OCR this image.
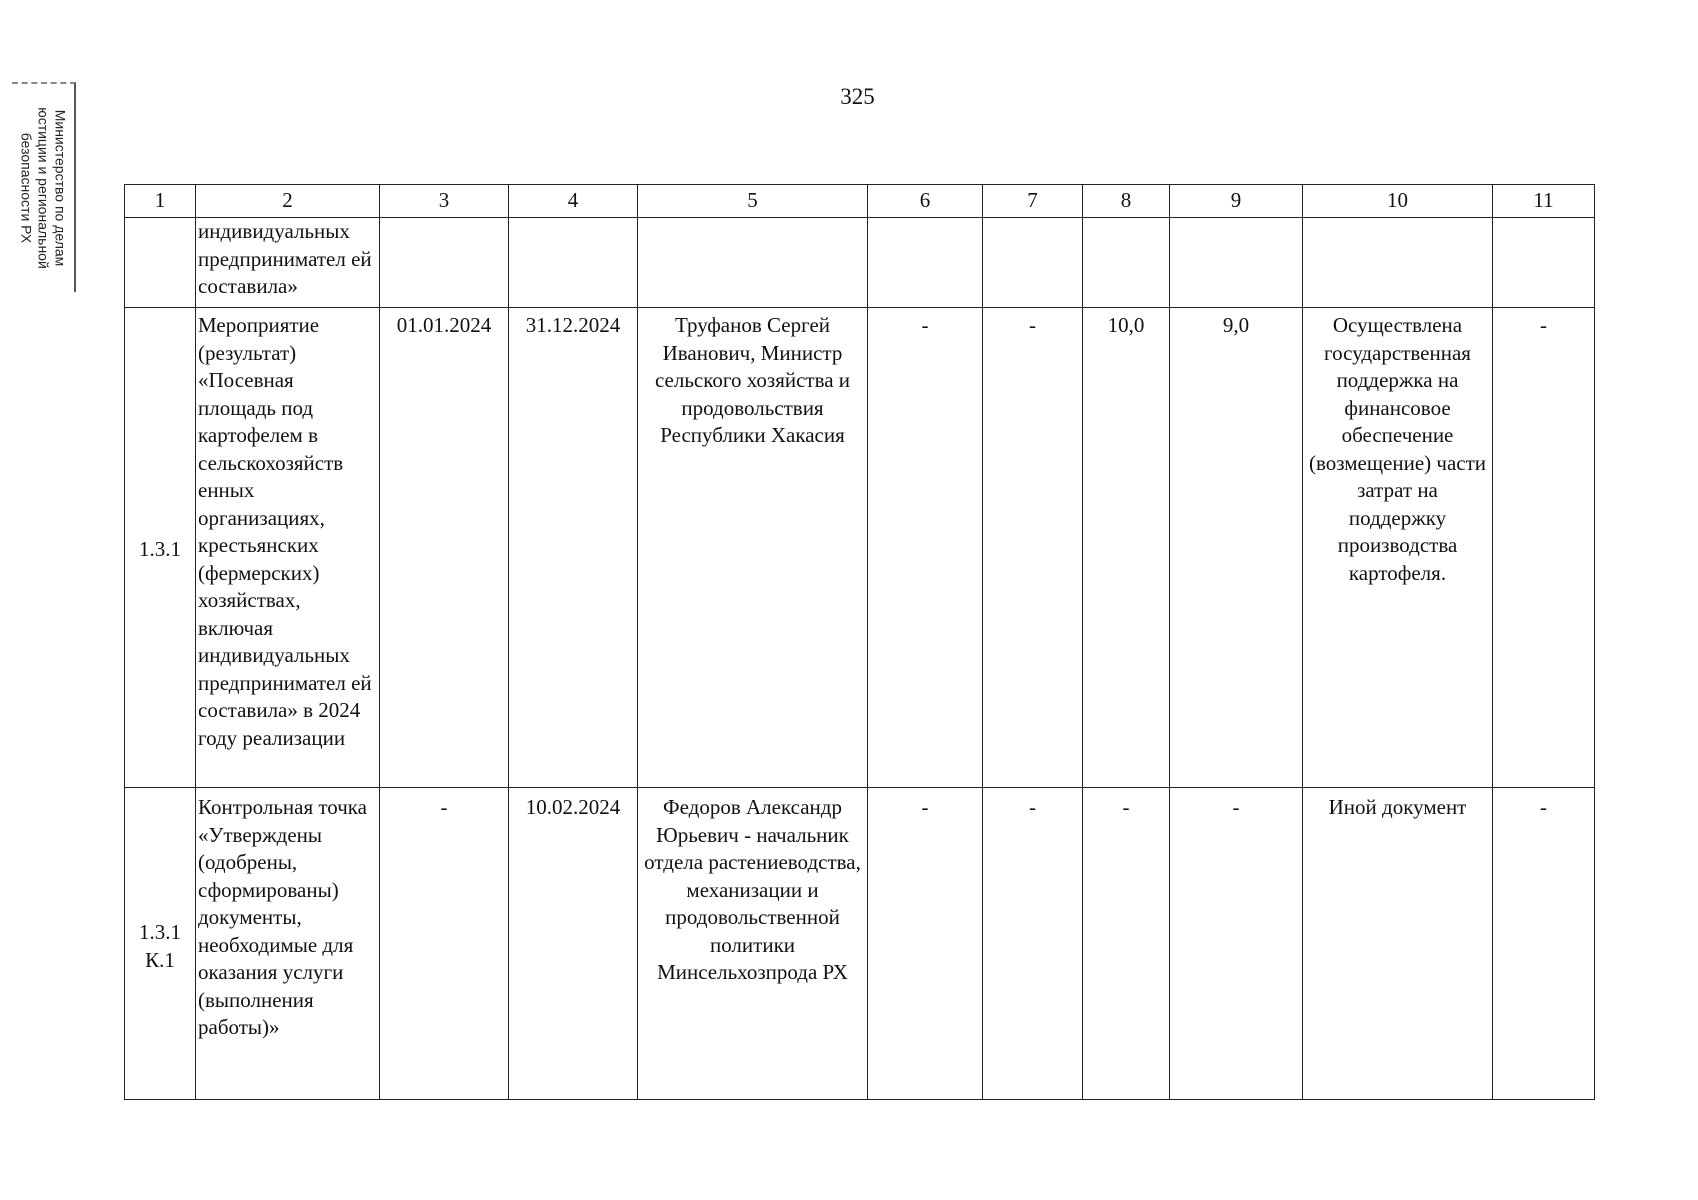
325
Министерство по делам
юстиции и региональной
безопасности РХ	1	2	3	4	5	6	7	8	9	10	11
	индивидуальных предпринимател ей составила»									
1.3.1	Мероприятие (результат) «Посевная площадь под картофелем в сельскохозяйств енных организациях, крестьянских (фермерских) хозяйствах, включая индивидуальных предпринимател ей составила» в 2024 году реализации	01.01.2024	31.12.2024	Труфанов Сергей Иванович, Министр сельского хозяйства и продовольствия Республики Хакасия	-	-	10,0	9,0	Осуществлена государственная поддержка на финансовое обеспечение (возмещение) части затрат на поддержку производства картофеля.	-
1.3.1 К.1	Контрольная точка «Утверждены (одобрены, сформированы) документы, необходимые для оказания услуги (выполнения работы)»	-	10.02.2024	Федоров Александр Юрьевич - начальник отдела растениеводства, механизации и продовольственной политики Минсельхозпрода РХ	-	-	-	-	Иной документ	-
